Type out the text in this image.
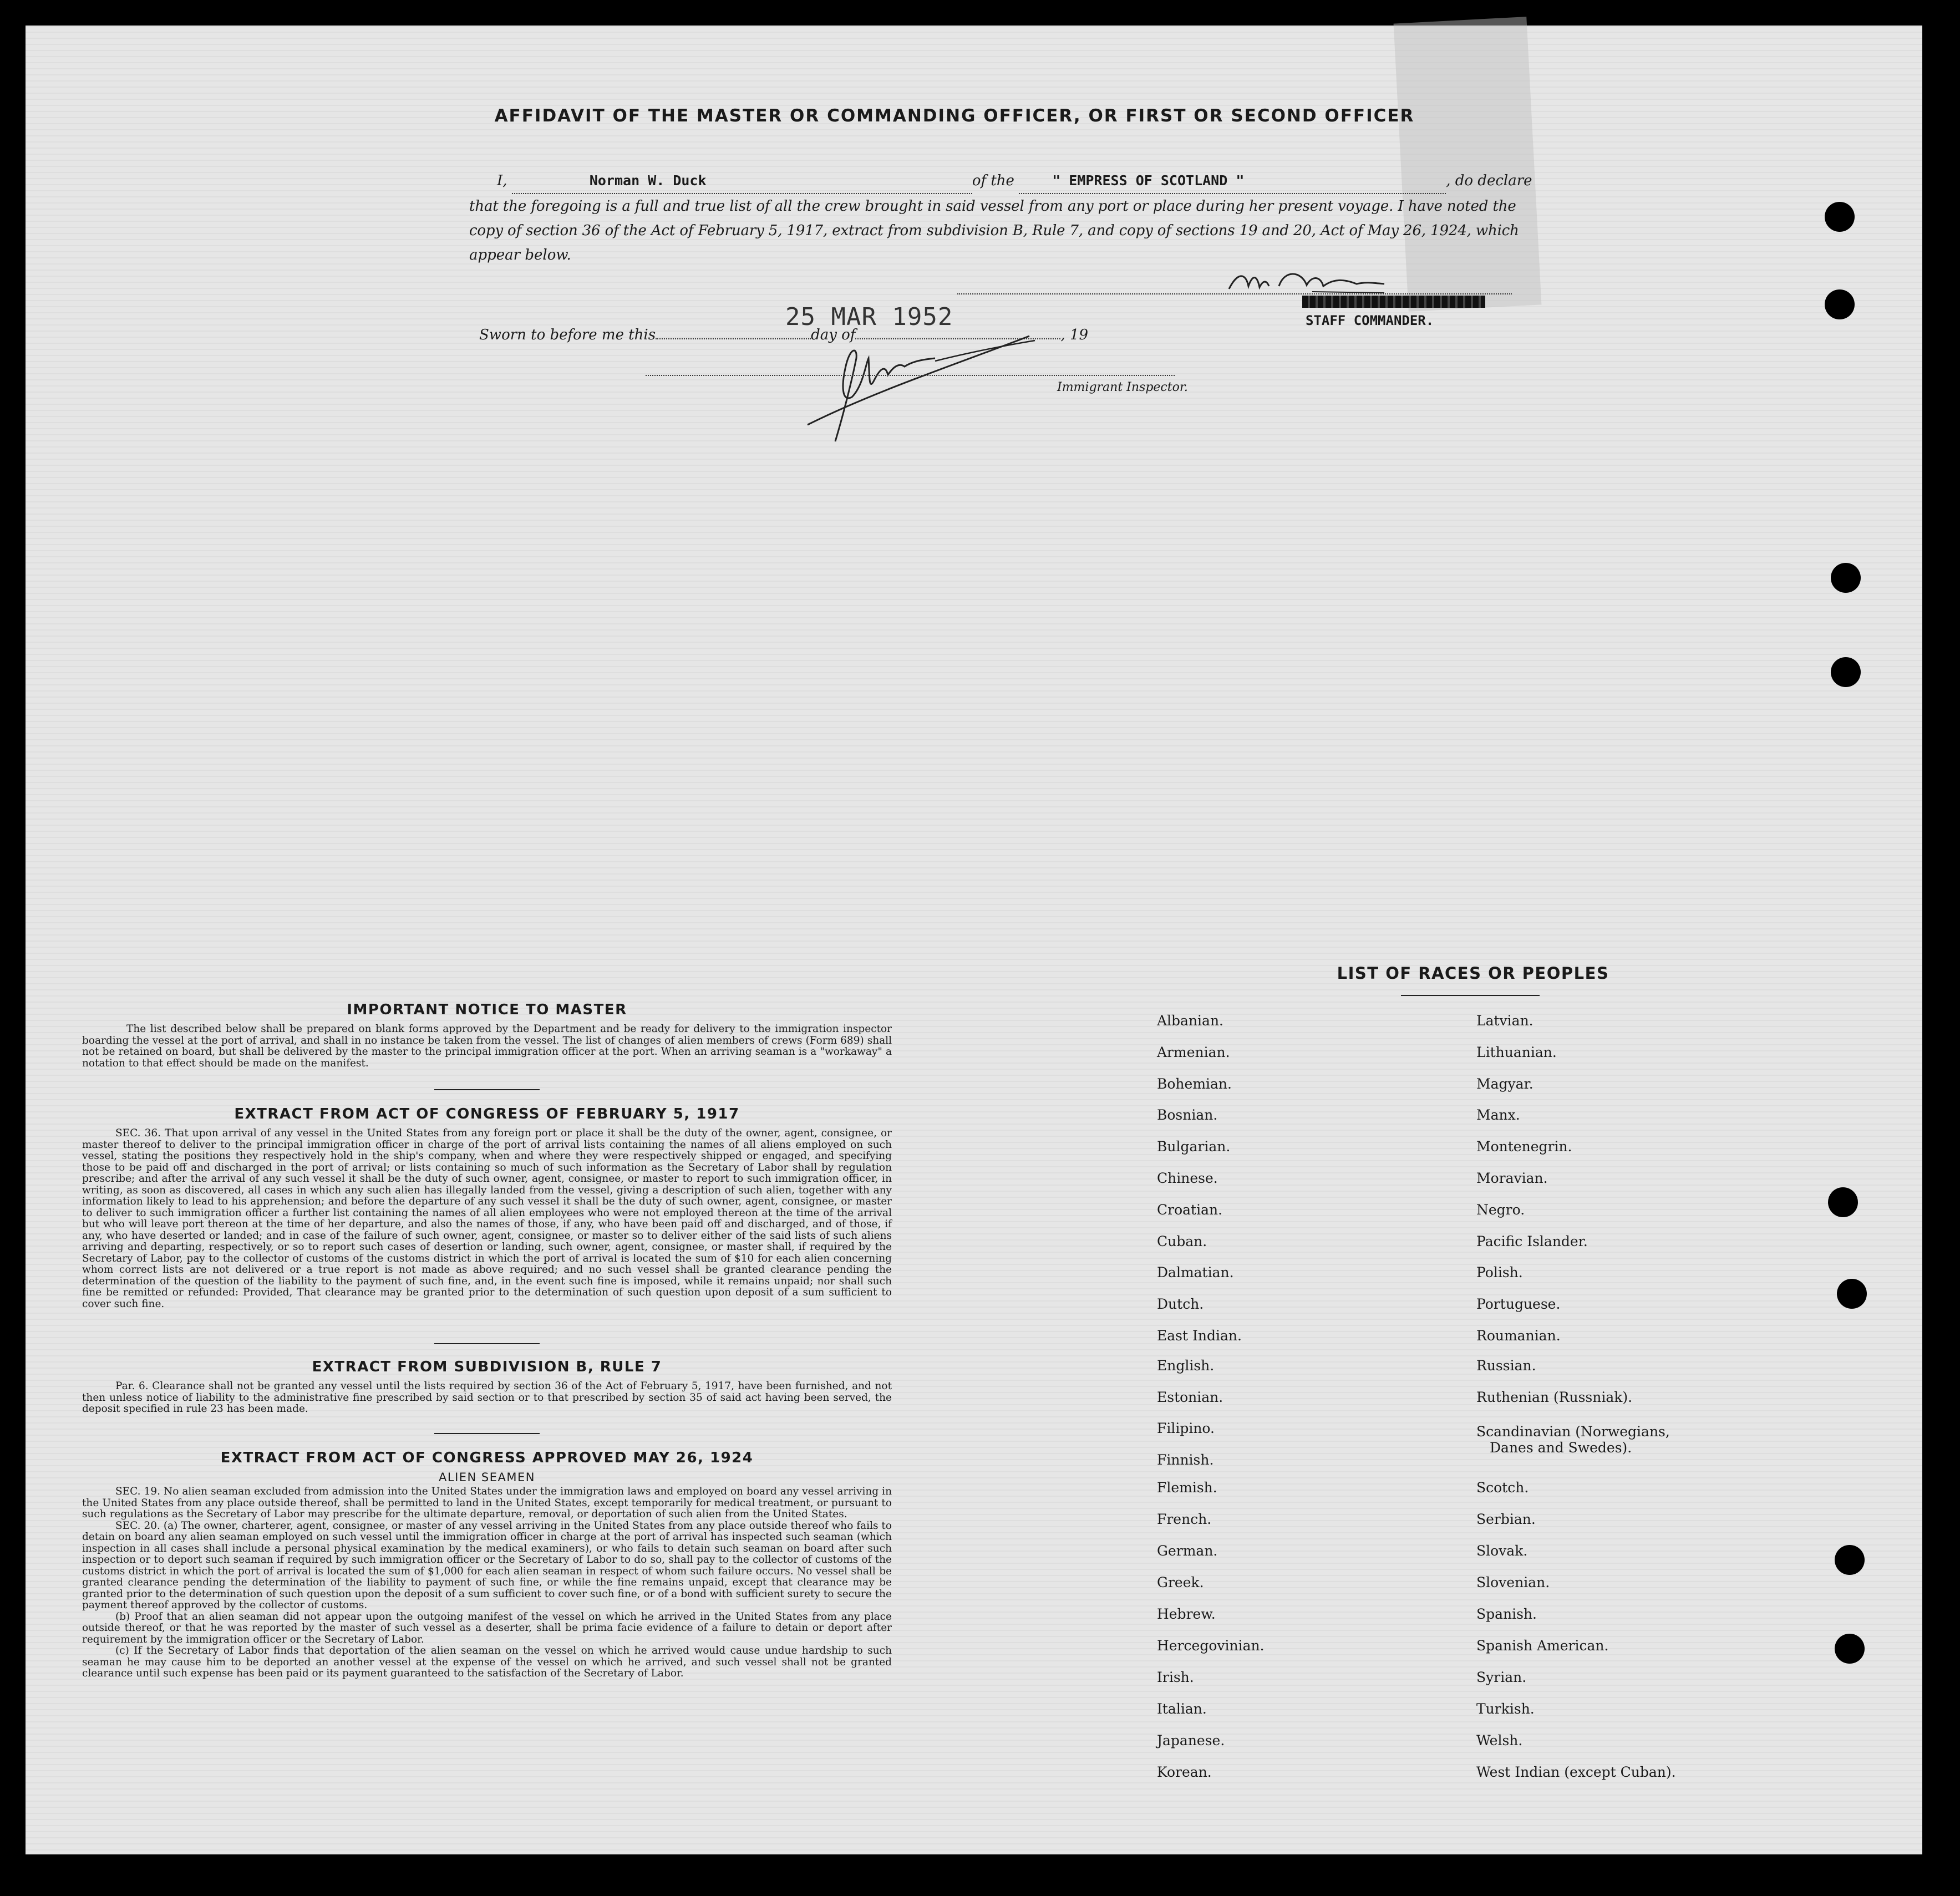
AFFIDAVIT OF THE MASTER OR COMMANDING OFFICER, OR FIRST OR SECOND OFFICER
I,	Norman W. Duck	of the	" EMPRESS OF SCOTLAND "	, do declare
that the foregoing is a full and true list of all the crew brought in said vessel from any port or place during her present voyage. I have noted the
copy of section 36 of the Act of February 5, 1917, extract from subdivision B, Rule 7, and copy of sections 19 and 20, Act of May 26, 1924, which
appear below.
STAFF COMMANDER.
Sworn to before me this	day of	, 19
25 MAR 1952
Immigrant Inspector.
IMPORTANT NOTICE TO MASTER
The list described below shall be prepared on blank forms approved by the Department and be ready for delivery to the immigration inspector boarding the vessel at the port of arrival, and shall in no instance be taken from the vessel. The list of changes of alien members of crews (Form 689) shall not be retained on board, but shall be delivered by the master to the principal immigration officer at the port. When an arriving seaman is a "workaway" a notation to that effect should be made on the manifest.
EXTRACT FROM ACT OF CONGRESS OF FEBRUARY 5, 1917
SEC. 36. That upon arrival of any vessel in the United States from any foreign port or place it shall be the duty of the owner, agent, consignee, or master thereof to deliver to the principal immigration officer in charge of the port of arrival lists containing the names of all aliens employed on such vessel, stating the positions they respectively hold in the ship's company, when and where they were respectively shipped or engaged, and specifying those to be paid off and discharged in the port of arrival; or lists containing so much of such information as the Secretary of Labor shall by regulation prescribe; and after the arrival of any such vessel it shall be the duty of such owner, agent, consignee, or master to report to such immigration officer, in writing, as soon as discovered, all cases in which any such alien has illegally landed from the vessel, giving a description of such alien, together with any information likely to lead to his apprehension; and before the departure of any such vessel it shall be the duty of such owner, agent, consignee, or master to deliver to such immigration officer a further list containing the names of all alien employees who were not employed thereon at the time of the arrival but who will leave port thereon at the time of her departure, and also the names of those, if any, who have been paid off and discharged, and of those, if any, who have deserted or landed; and in case of the failure of such owner, agent, consignee, or master so to deliver either of the said lists of such aliens arriving and departing, respectively, or so to report such cases of desertion or landing, such owner, agent, consignee, or master shall, if required by the Secretary of Labor, pay to the collector of customs of the customs district in which the port of arrival is located the sum of $10 for each alien concerning whom correct lists are not delivered or a true report is not made as above required; and no such vessel shall be granted clearance pending the determination of the question of the liability to the payment of such fine, and, in the event such fine is imposed, while it remains unpaid; nor shall such fine be remitted or refunded: Provided, That clearance may be granted prior to the determination of such question upon deposit of a sum sufficient to cover such fine.
EXTRACT FROM SUBDIVISION B, RULE 7
Par. 6. Clearance shall not be granted any vessel until the lists required by section 36 of the Act of February 5, 1917, have been furnished, and not then unless notice of liability to the administrative fine prescribed by said section or to that prescribed by section 35 of said act having been served, the deposit specified in rule 23 has been made.
EXTRACT FROM ACT OF CONGRESS APPROVED MAY 26, 1924
ALIEN SEAMEN
SEC. 19. No alien seaman excluded from admission into the United States under the immigration laws and employed on board any vessel arriving in the United States from any place outside thereof, shall be permitted to land in the United States, except temporarily for medical treatment, or pursuant to such regulations as the Secretary of Labor may prescribe for the ultimate departure, removal, or deportation of such alien from the United States.
SEC. 20. (a) The owner, charterer, agent, consignee, or master of any vessel arriving in the United States from any place outside thereof who fails to detain on board any alien seaman employed on such vessel until the immigration officer in charge at the port of arrival has inspected such seaman (which inspection in all cases shall include a personal physical examination by the medical examiners), or who fails to detain such seaman on board after such inspection or to deport such seaman if required by such immigration officer or the Secretary of Labor to do so, shall pay to the collector of customs of the customs district in which the port of arrival is located the sum of $1,000 for each alien seaman in respect of whom such failure occurs. No vessel shall be granted clearance pending the determination of the liability to payment of such fine, or while the fine remains unpaid, except that clearance may be granted prior to the determination of such question upon the deposit of a sum sufficient to cover such fine, or of a bond with sufficient surety to secure the payment thereof approved by the collector of customs.
(b) Proof that an alien seaman did not appear upon the outgoing manifest of the vessel on which he arrived in the United States from any place outside thereof, or that he was reported by the master of such vessel as a deserter, shall be prima facie evidence of a failure to detain or deport after requirement by the immigration officer or the Secretary of Labor.
(c) If the Secretary of Labor finds that deportation of the alien seaman on the vessel on which he arrived would cause undue hardship to such seaman he may cause him to be deported an another vessel at the expense of the vessel on which he arrived, and such vessel shall not be granted clearance until such expense has been paid or its payment guaranteed to the satisfaction of the Secretary of Labor.
LIST OF RACES OR PEOPLES
Albanian.
Armenian.
Bohemian.
Bosnian.
Bulgarian.
Chinese.
Croatian.
Cuban.
Dalmatian.
Dutch.
East Indian.
English.
Estonian.
Filipino.
Finnish.
Flemish.
French.
German.
Greek.
Hebrew.
Hercegovinian.
Irish.
Italian.
Japanese.
Korean.
Latvian.
Lithuanian.
Magyar.
Manx.
Montenegrin.
Moravian.
Negro.
Pacific Islander.
Polish.
Portuguese.
Roumanian.
Russian.
Ruthenian (Russniak).
Scandinavian (Norwegians,
Danes and Swedes).
Scotch.
Serbian.
Slovak.
Slovenian.
Spanish.
Spanish American.
Syrian.
Turkish.
Welsh.
West Indian (except Cuban).
